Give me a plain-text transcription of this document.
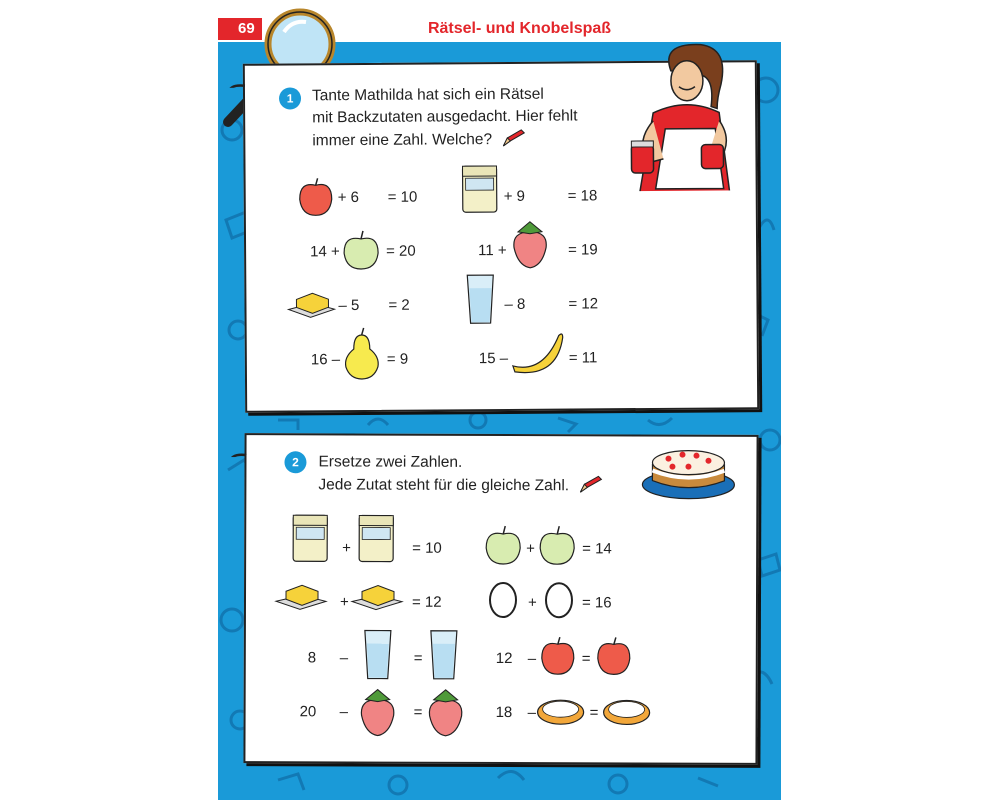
69	Rätsel- und Knobelspaß
1	Tante Mathilda hat sich ein Rätsel
mit Backzutaten ausgedacht. Hier fehlt
immer eine Zahl. Welche?
+ 6 = 10	+ 9	= 18
14 +	= 20	11 +	= 19
– 5 = 2	– 8	= 12
16 –	= 9	15 –	= 11
2	Ersetze zwei Zahlen.
Jede Zutat steht für die gleiche Zahl.
+	= 10	+	= 14
+	= 12	+	= 16
8 –	=	12 –	=
20 –	=	18 –	=
